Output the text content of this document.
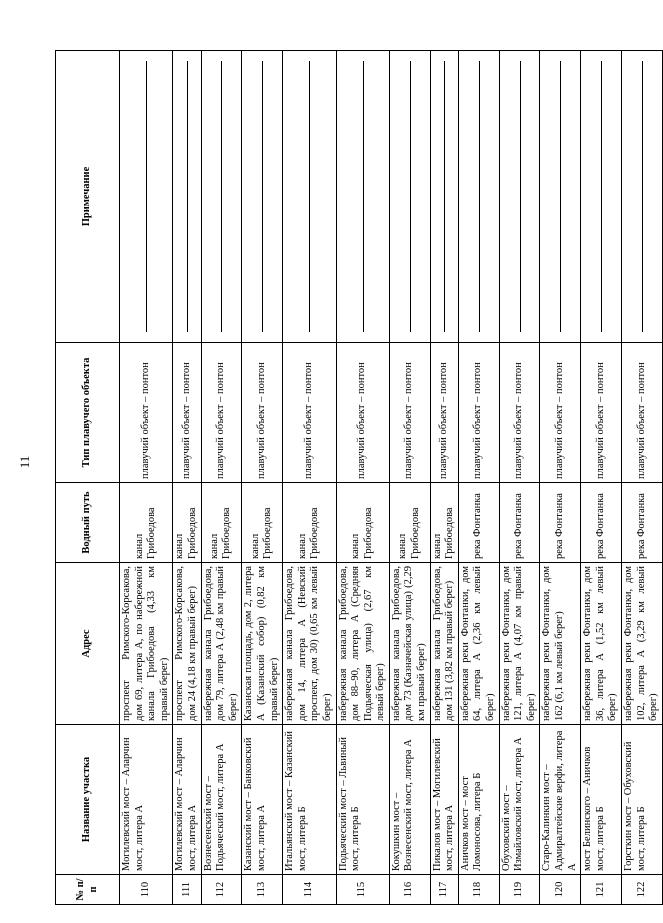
11
№ п/п	Название участка	Адрес	Водный путь	Тип плавучего объекта	Примечание
110	Могилевский мост – Аларчин мост, литера А	проспект Римского-Корсакова, дом 69, литера А, по набережной канала Грибоедова (4,33 км правый берег)	канал Грибоедова	плавучий объект – понтон	

111	Могилевский мост – Аларчин мост, литера А	проспект Римского-Корсакова, дом 24 (4,18 км правый берег)	канал Грибоедова	плавучий объект – понтон	

112	Вознесенский мост – Подьяческий мост, литера А	набережная канала Грибоедова, дом 79, литера А (2,48 км правый берег)	канал Грибоедова	плавучий объект – понтон	

113	Казанский мост – Банковский мост, литера А	Казанская площадь, дом 2, литера А (Казанский собор) (0,82 км правый берег)	канал Грибоедова	плавучий объект – понтон	

114	Итальянский мост – Казанский мост, литера Б	набережная канала Грибоедова, дом 14, литера А (Невский проспект, дом 30) (0,65 км левый берег)	канал Грибоедова	плавучий объект – понтон	

115	Подьяческий мост – Львиный мост, литера Б	набережная канала Грибоедова, дом 88–90, литера А (Средняя Подьяческая улица) (2,67 км левый берег)	канал Грибоедова	плавучий объект – понтон	

116	Кокушкин мост – Вознесенский мост, литера А	набережная канала Грибоедова, дом 73 (Казначейская улица) (2,29 км правый берег)	канал Грибоедова	плавучий объект – понтон	

117	Пикалов мост – Могилевский мост, литера А	набережная канала Грибоедова, дом 131 (3,82 км правый берег)	канал Грибоедова	плавучий объект – понтон	

118	Аничков мост – мост Ломоносова, литера Б	набережная реки Фонтанки, дом 64, литера А (2,36 км левый берег)	река Фонтанка	плавучий объект – понтон	

119	Обуховский мост – Измайловский мост, литера А	набережная реки Фонтанки, дом 121, литера А (4,07 км правый берег)	река Фонтанка	плавучий объект – понтон	

120	Старо-Калинкин мост – Адмиралтейские верфи, литера А	набережная реки Фонтанки, дом 162 (6,1 км левый берег)	река Фонтанка	плавучий объект – понтон	

121	мост Белинского – Аничков мост, литера Б	набережная реки Фонтанки, дом 36, литера А (1,52 км левый берег)	река Фонтанка	плавучий объект – понтон	

122	Горсткин мост – Обуховский мост, литера Б	набережная реки Фонтанки, дом 102, литера А (3,29 км левый берег)	река Фонтанка	плавучий объект – понтон	
